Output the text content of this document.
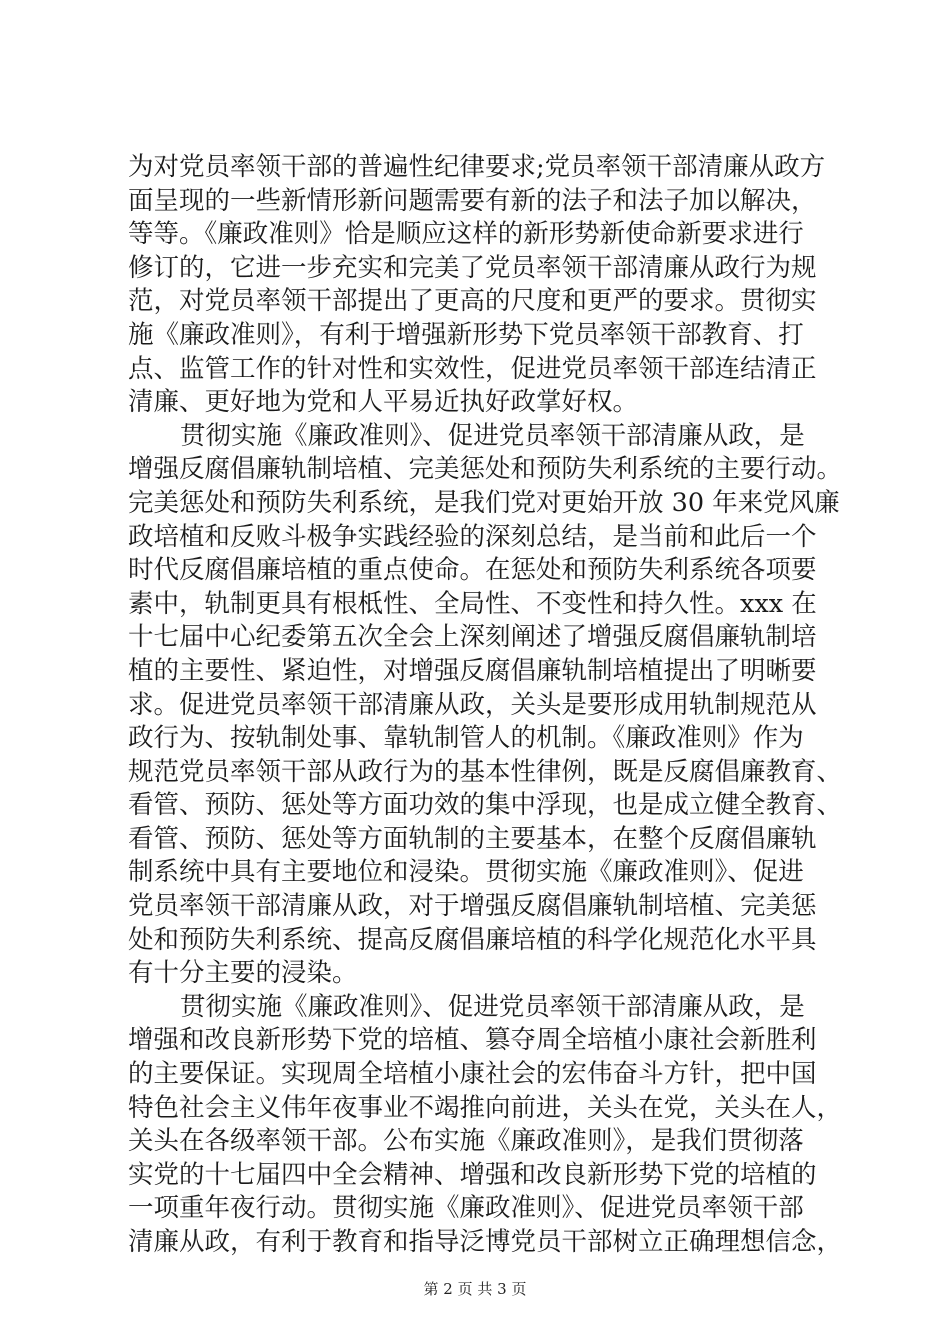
为对党员率领干部的普遍性纪律要求;党员率领干部清廉从政方
面呈现的一些新情形新问题需要有新的法子和法子加以解决，
等等。《廉政准则》恰是顺应这样的新形势新使命新要求进行
修订的，它进一步充实和完美了党员率领干部清廉从政行为规
范，对党员率领干部提出了更高的尺度和更严的要求。贯彻实
施《廉政准则》，有利于增强新形势下党员率领干部教育、打
点、监管工作的针对性和实效性，促进党员率领干部连结清正
清廉、更好地为党和人平易近执好政掌好权。
贯彻实施《廉政准则》、促进党员率领干部清廉从政，是
增强反腐倡廉轨制培植、完美惩处和预防失利系统的主要行动。
完美惩处和预防失利系统，是我们党对更始开放 30 年来党风廉
政培植和反败斗极争实践经验的深刻总结，是当前和此后一个
时代反腐倡廉培植的重点使命。在惩处和预防失利系统各项要
素中，轨制更具有根柢性、全局性、不变性和持久性。xxx 在
十七届中心纪委第五次全会上深刻阐述了增强反腐倡廉轨制培
植的主要性、紧迫性，对增强反腐倡廉轨制培植提出了明晰要
求。促进党员率领干部清廉从政，关头是要形成用轨制规范从
政行为、按轨制处事、靠轨制管人的机制。《廉政准则》作为
规范党员率领干部从政行为的基本性律例，既是反腐倡廉教育、
看管、预防、惩处等方面功效的集中浮现，也是成立健全教育、
看管、预防、惩处等方面轨制的主要基本，在整个反腐倡廉轨
制系统中具有主要地位和浸染。贯彻实施《廉政准则》、促进
党员率领干部清廉从政，对于增强反腐倡廉轨制培植、完美惩
处和预防失利系统、提高反腐倡廉培植的科学化规范化水平具
有十分主要的浸染。
贯彻实施《廉政准则》、促进党员率领干部清廉从政，是
增强和改良新形势下党的培植、篡夺周全培植小康社会新胜利
的主要保证。实现周全培植小康社会的宏伟奋斗方针，把中国
特色社会主义伟年夜事业不竭推向前进，关头在党，关头在人，
关头在各级率领干部。公布实施《廉政准则》，是我们贯彻落
实党的十七届四中全会精神、增强和改良新形势下党的培植的
一项重年夜行动。贯彻实施《廉政准则》、促进党员率领干部
清廉从政，有利于教育和指导泛博党员干部树立正确理想信念，
第 2 页 共 3 页
